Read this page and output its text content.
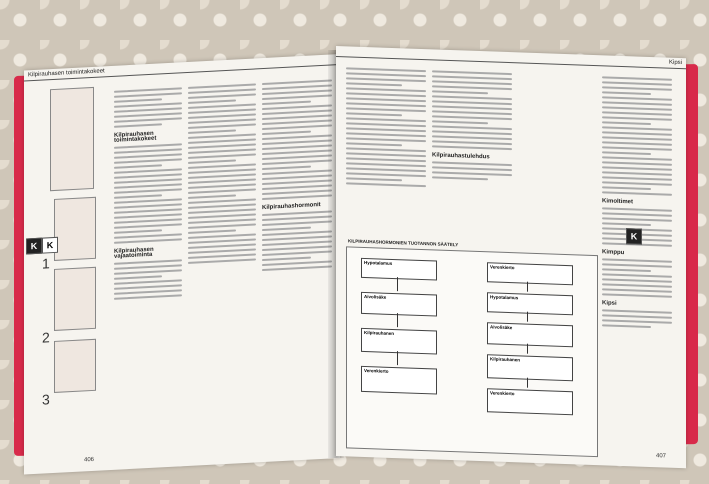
Kilpirauhasen toimintakokeet
1
2
3
K	K
Kilpirauhasen toimintakokeet
Kilpirauhasen vajaatoiminta
Kilpirauhashormonit
406
Kipsi
Kilpirauhastulehdus
KILPIRAUHASHORMONIEN TUOTANNON SÄÄTELY
Hypotalamus
Aivolisäke
Kilpirauhanen
Verenkierto
Verenkierto
Hypotalamus
Aivolisäke
Kilpirauhanen
Verenkierto
Kimoltimet
Kimppu
Kipsi
K
407
